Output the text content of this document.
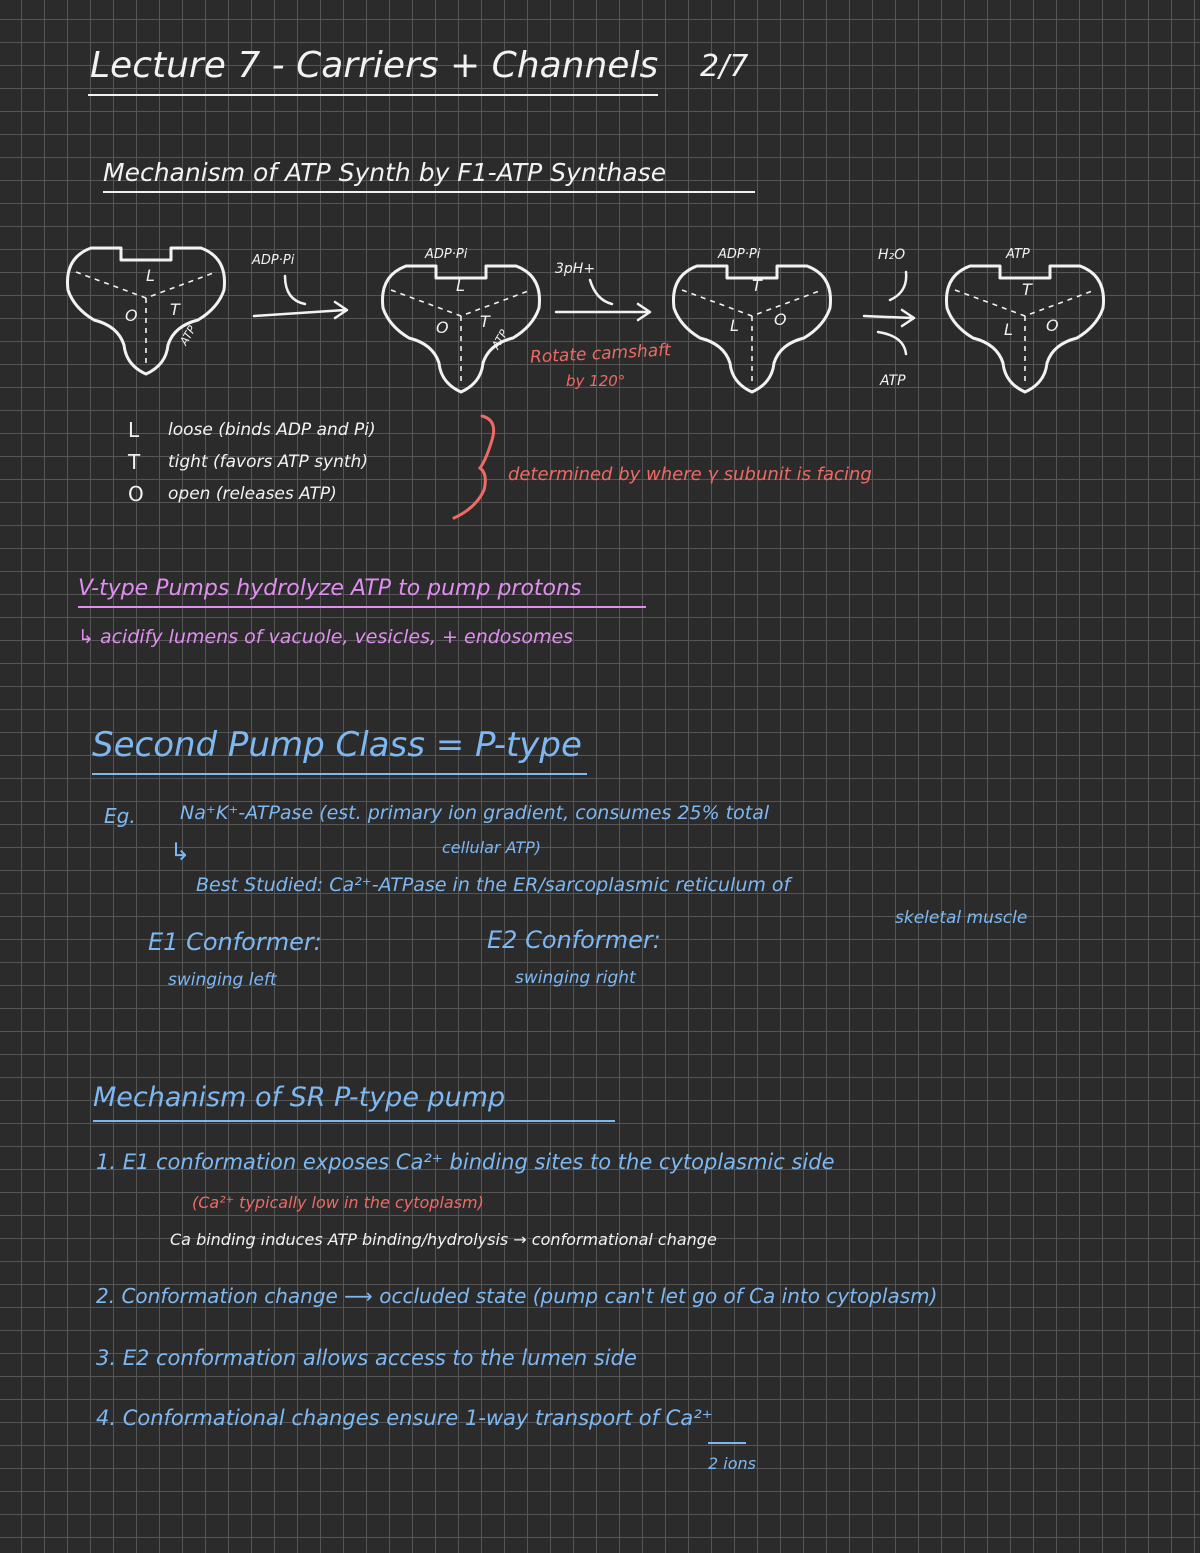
Lecture 7 - Carriers + Channels 2/7
Mechanism of ATP Synth by F1-ATP Synthase
ADP·Pi	ADP·Pi	ATP
L
O T
ATP
L
O T
ATP
T
L O
T
L O
ADP·Pi
3pH+
H₂O
ATP
Rotate camshaft
by 120°
L loose (binds ADP and Pi)
T tight (favors ATP synth)
O open (releases ATP)
determined by where γ subunit is facing
V-type Pumps hydrolyze ATP to pump protons
↳ acidify lumens of vacuole, vesicles, + endosomes
Second Pump Class = P-type
Eg. Na⁺K⁺-ATPase (est. primary ion gradient, consumes 25% total
cellular ATP)
↳
Best Studied: Ca²⁺-ATPase in the ER/sarcoplasmic reticulum of
skeletal muscle
E1 Conformer:
swinging left
E2 Conformer:
swinging right
Mechanism of SR P-type pump
1. E1 conformation exposes Ca²⁺ binding sites to the cytoplasmic side
(Ca²⁺ typically low in the cytoplasm)
Ca binding induces ATP binding/hydrolysis → conformational change
2. Conformation change ⟶ occluded state (pump can't let go of Ca into cytoplasm)
3. E2 conformation allows access to the lumen side
4. Conformational changes ensure 1-way transport of Ca²⁺
2 ions
